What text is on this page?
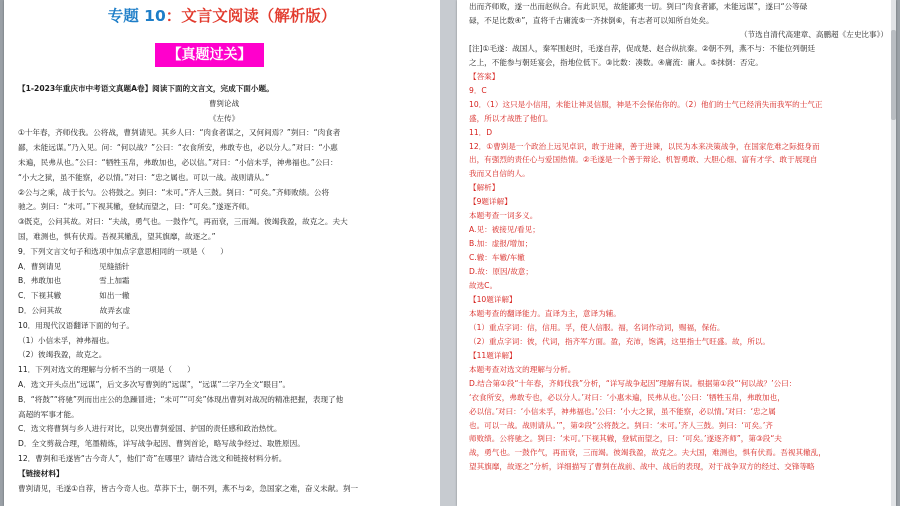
专题 10：文言文阅读（解析版）
【真题过关】
【1-2023年重庆市中考语文真题A卷】阅读下面的文言文，完成下面小题。
曹刿论战
《左传》
①十年春，齐师伐我。公将战，曹刿请见。其乡人曰：“肉食者谋之，又何间焉？”刿曰：“肉食者
鄙，未能远谋。”乃入见。问：“何以战？”公曰：“衣食所安，弗敢专也，必以分人。”对曰：“小惠
未遍，民弗从也。”公曰：“牺牲玉帛，弗敢加也，必以信。”对曰：“小信未孚，神弗福也。”公曰：
“小大之狱，虽不能察，必以情。”对曰：“忠之属也。可以一战。战则请从。”
②公与之乘，战于长勺。公将鼓之。刿曰：“未可。”齐人三鼓。刿曰：“可矣。”齐师败绩。公将
驰之。刿曰：“未可。”下视其辙，登轼而望之，曰：“可矣。”遂逐齐师。
③既克，公问其故。对曰：“夫战，勇气也。一鼓作气，再而衰，三而竭。彼竭我盈，故克之。夫大
国，难测也，惧有伏焉。吾视其辙乱，望其旗靡，故逐之。”
9．下列文言文句子和选项中加点字意思相同的一项是（　　）
A．曹刿请见　　　　　见缝插针
B．弗敢加也　　　　　雪上加霜
C．下视其辙　　　　　如出一辙
D．公问其故　　　　　故弄玄虚
10．用现代汉语翻译下面的句子。
（1）小信未孚，神弗福也。
（2）彼竭我盈，故克之。
11．下列对选文的理解与分析不当的一项是（　　）
A．选文开头点出“远谋”，后文多次写曹刿的“远谋”，“远谋”二字乃全文“眼目”。
B．“将鼓”“将驰”列而出庄公的急躁冒进；“未可”“可矣”体现出曹刿对战况的精准把握，表现了他
高超的军事才能。
C．选文将曹刿与乡人进行对比，以突出曹刿爱国、护国的责任感和政治热忱。
D．全文剪裁合理，笔墨精炼，详写战争起因、曹刿首论，略写战争经过、取胜原因。
12．曹刿和毛遂皆“古今奇人”，他们“奇”在哪里？请结合选文和链接材料分析。
【链接材料】
曹刿请见，毛遂①自荐，皆古今奇人也。草莽下士，朝不列，燕不与②，急国家之难，奋义未献。刿一
出而齐师败，遂一出而赵纵合。有此识见，故能鄙夷一切。刿曰“肉食者鄙，未能远谋”，遂曰“公等碌
碌，不足比数④”，直将千古庸流⑤一齐抹倒⑥，有志者可以知所自处矣。
（节选自清代高建章、高鹏超《左史比事》）
[注]①毛遂：战国人，秦军围赵时，毛遂自荐，促成楚、赵合纵抗秦。②朝不列，燕不与：不能位列朝廷
之上，不能参与朝廷宴会，指地位低下。③比数：凑数。④庸流：庸人。⑤抹倒：否定。
【答案】
9．C
10．（1）这只是小信用，未能让神灵信服，神是不会保佑你的。（2）他们的士气已经消失而我军的士气正
盛，所以才战胜了他们。
11．D
12．①曹刿是一个政治上远见卓识，敢于进谏，善于进谏，以民为本来决策战争，在国家危难之际挺身而
出，有强烈的责任心与爱国热情。②毛遂是一个善于辩论、机智勇敢、大胆心细、富有才学、敢于展现自
我而又自信的人。
【解析】
【9题详解】
本题考查一词多义。
A.见：被接见/看见；
B.加：虚报/增加；
C.辙：车辙/车辙
D.故：原因/故意；
故选C。
【10题详解】
本题考查的翻译能力。直译为主，意译为辅。
（1）重点字词：信，信用。孚，使人信服。福，名词作动词，赐福，保佑。
（2）重点字词：彼，代词，指齐军方面。盈，充沛，饱满，这里指士气旺盛。故，所以。
【11题详解】
本题考查对选文的理解与分析。
D.结合第①段“十年春，齐师伐我”分析，“详写战争起因”理解有误。根据第①段“‘何以战？’公曰：
‘衣食所安，弗敢专也，必以分人。’对曰：‘小惠未遍，民弗从也。’公曰：‘牺牲玉帛，弗敢加也，
必以信。’对曰：‘小信未孚，神弗福也。’公曰：‘小大之狱，虽不能察，必以情。’对曰：‘忠之属
也。可以一战。战则请从。’”，第②段“公将鼓之。刿曰：‘未可。’齐人三鼓。刿曰：‘可矣。’齐
师败绩。公将驰之。刿曰：‘未可。’下视其辙，登轼而望之，曰：‘可矣。’遂逐齐师”，第③段“夫
战，勇气也。一鼓作气，再而衰，三而竭。彼竭我盈，故克之。夫大国，难测也，惧有伏焉。吾视其辙乱，
望其旗靡，故逐之”分析，详细描写了曹刿在战前、战中、战后的表现，对于战争双方的经过、交锋等略
